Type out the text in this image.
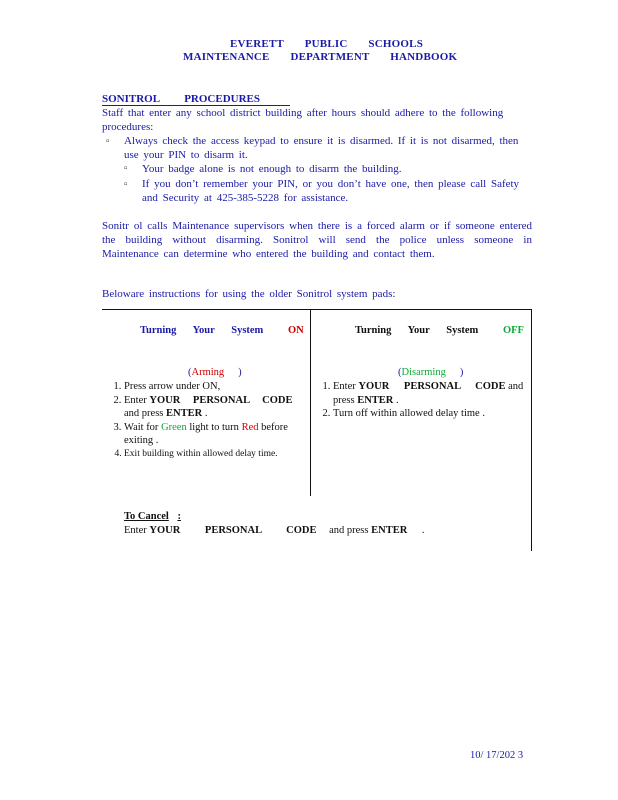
EVERETT PUBLIC SCHOOLS
MAINTENANCE DEPARTMENT HANDBOOK
SONITROL PROCEDURES
Staff that enter any school district building after hours should adhere to the following procedures:
▫ Always check the access keypad to ensure it is disarmed. If it is not disarmed, then use your PIN to disarm it.
▫ Your badge alone is not enough to disarm the building.
▫ If you don’t remember your PIN, or you don’t have one, then please call Safety and Security at 425-385-5228 for assistance.
Sonitr ol calls Maintenance supervisors when there is a forced alarm or if someone entered the building without disarming. Sonitrol will send the police unless someone in Maintenance can determine who entered the building and contact them.
Beloware instructions for using the older Sonitrol system pads:
Turning Your System ON
(Arming )
1. Press arrow under ON,
2. Enter YOUR PERSONAL CODE and press ENTER .
3. Wait for Green light to turn Red before exiting .
4. Exit building within allowed delay time.
Turning Your System OFF
(Disarming )
1. Enter YOUR PERSONAL CODE and press ENTER .
2. Turn off within allowed delay time .
To Cancel :
Enter YOUR PERSONAL CODE and press ENTER .
10/ 17/202 3
